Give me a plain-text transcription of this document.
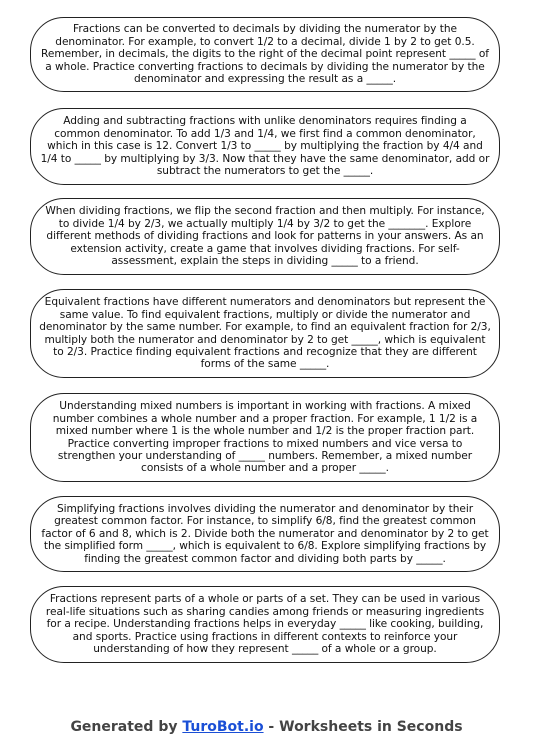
Fractions can be converted to decimals by dividing the numerator by the denominator. For example, to convert 1/2 to a decimal, divide 1 by 2 to get 0.5. Remember, in decimals, the digits to the right of the decimal point represent _____ of a whole. Practice converting fractions to decimals by dividing the numerator by the denominator and expressing the result as a _____.

Adding and subtracting fractions with unlike denominators requires finding a common denominator. To add 1/3 and 1/4, we first find a common denominator, which in this case is 12. Convert 1/3 to _____ by multiplying the fraction by 4/4 and 1/4 to _____ by multiplying by 3/3. Now that they have the same denominator, add or subtract the numerators to get the _____.

When dividing fractions, we flip the second fraction and then multiply. For instance, to divide 1/4 by 2/3, we actually multiply 1/4 by 3/2 to get the _______. Explore different methods of dividing fractions and look for patterns in your answers. As an extension activity, create a game that involves dividing fractions. For self-assessment, explain the steps in dividing _____ to a friend.

Equivalent fractions have different numerators and denominators but represent the same value. To find equivalent fractions, multiply or divide the numerator and denominator by the same number. For example, to find an equivalent fraction for 2/3, multiply both the numerator and denominator by 2 to get _____, which is equivalent to 2/3. Practice finding equivalent fractions and recognize that they are different forms of the same _____.

Understanding mixed numbers is important in working with fractions. A mixed number combines a whole number and a proper fraction. For example, 1 1/2 is a mixed number where 1 is the whole number and 1/2 is the proper fraction part. Practice converting improper fractions to mixed numbers and vice versa to strengthen your understanding of _____ numbers. Remember, a mixed number consists of a whole number and a proper _____.

Simplifying fractions involves dividing the numerator and denominator by their greatest common factor. For instance, to simplify 6/8, find the greatest common factor of 6 and 8, which is 2. Divide both the numerator and denominator by 2 to get the simplified form _____, which is equivalent to 6/8. Explore simplifying fractions by finding the greatest common factor and dividing both parts by _____.

Fractions represent parts of a whole or parts of a set. They can be used in various real-life situations such as sharing candies among friends or measuring ingredients for a recipe. Understanding fractions helps in everyday _____ like cooking, building, and sports. Practice using fractions in different contexts to reinforce your understanding of how they represent _____ of a whole or a group.

Generated by TuroBot.io - Worksheets in Seconds
